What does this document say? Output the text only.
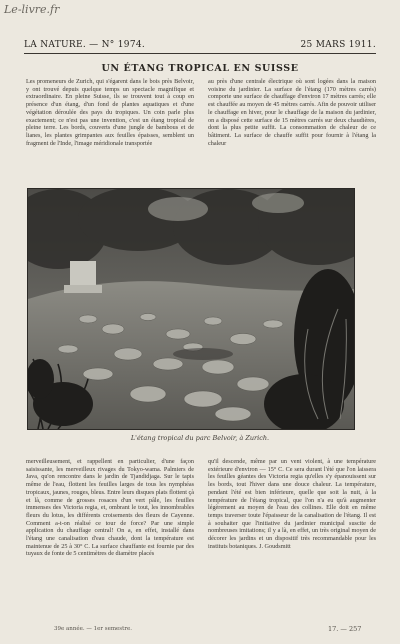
Le-livre.fr
LA NATURE. — N° 1974.	25 MARS 1911.
UN ÉTANG TROPICAL EN SUISSE
Les promeneurs de Zurich, qui s'égarent dans le bois près Belvoir, y ont trouvé depuis quelque temps un spectacle magnifique et extraordinaire. En pleine Suisse, ils se trouvent tout à coup en présence d'un étang, d'un fond de plantes aquatiques et d'une végétation déroulée des pays du tropiques. Un coin parle plus exactement; ce n'est pas une invention, c'est un étang tropical de pleine terre. Les bords, couverts d'une jungle de bambous et de lianes, les plantes grimpantes aux feuilles épaisses, semblent un fragment de l'Inde, l'image méridionale transportée
au près d'une centrale électrique où sont logées dans la maison voisine du jardinier. La surface de l'étang (170 mètres carrés) comporte une surface de chauffage d'environ 17 mètres carrés; elle est chauffée au moyen de 45 mètres carrés. Afin de pouvoir utiliser le chauffage en hiver, pour le chauffage de la maison du jardinier, on a disposé cette surface de 15 mètres carrés sur deux chaudières, dont la plus petite suffit. La consommation de chaleur de ce bâtiment. La surface de chauffe suffit pour fournir à l'étang la chaleur
L'étang tropical du parc Belvoir, à Zurich.
merveilleusement, et rappellent en particulier, d'une façon saisissante, les merveilleux rivages du Tokyo-wama. Palmiers de Java, qu'on rencontre dans le jardin de Tjandidjaga. Sur le tapis même de l'eau, flottent les feuilles larges de tous les nymphéas tropicaux, jaunes, rouges, bleus. Entre leurs disques plats flottent çà et là, comme de grosses rosaces d'un vert pâle, les feuilles immenses des Victoria regia, et, ombrant le tout, les innombrables fleurs du lotus, les différents croisements des fleurs de Cayenne. Comment a-t-on réalisé ce tour de force? Par une simple application du chauffage central! On a, en effet, installé dans l'étang une canalisation d'eau chaude, dont la température est maintenue de 25 à 30° C. La surface chauffante est fournie par des tuyaux de fonte de 5 centimètres de diamètre placés
qu'il descende, même par un vent violent, à une température extérieure d'environ — 15° C. Ce sera durant l'été que l'on laissera les feuilles géantes des Victoria regia qu'elles s'y épanouissent sur les bords, tout l'hiver dans une douce chaleur. La température, pendant l'été est bien inférieure, quelle que soit la nuit, à la température de l'étang tropical, que l'on n'a eu qu'à augmenter légèrement au moyen de l'eau des collines. Elle doit en même temps traverser toute l'épaisseur de la canalisation de l'étang. Il est à souhaiter que l'initiative du jardinier municipal suscite de nombreuses imitations; il y a là, en effet, un très original moyen de décorer les jardins et un dispositif très recommandable pour les instituts botaniques. J. Goudsmitt
39e année. — 1er semestre.	17. — 257
